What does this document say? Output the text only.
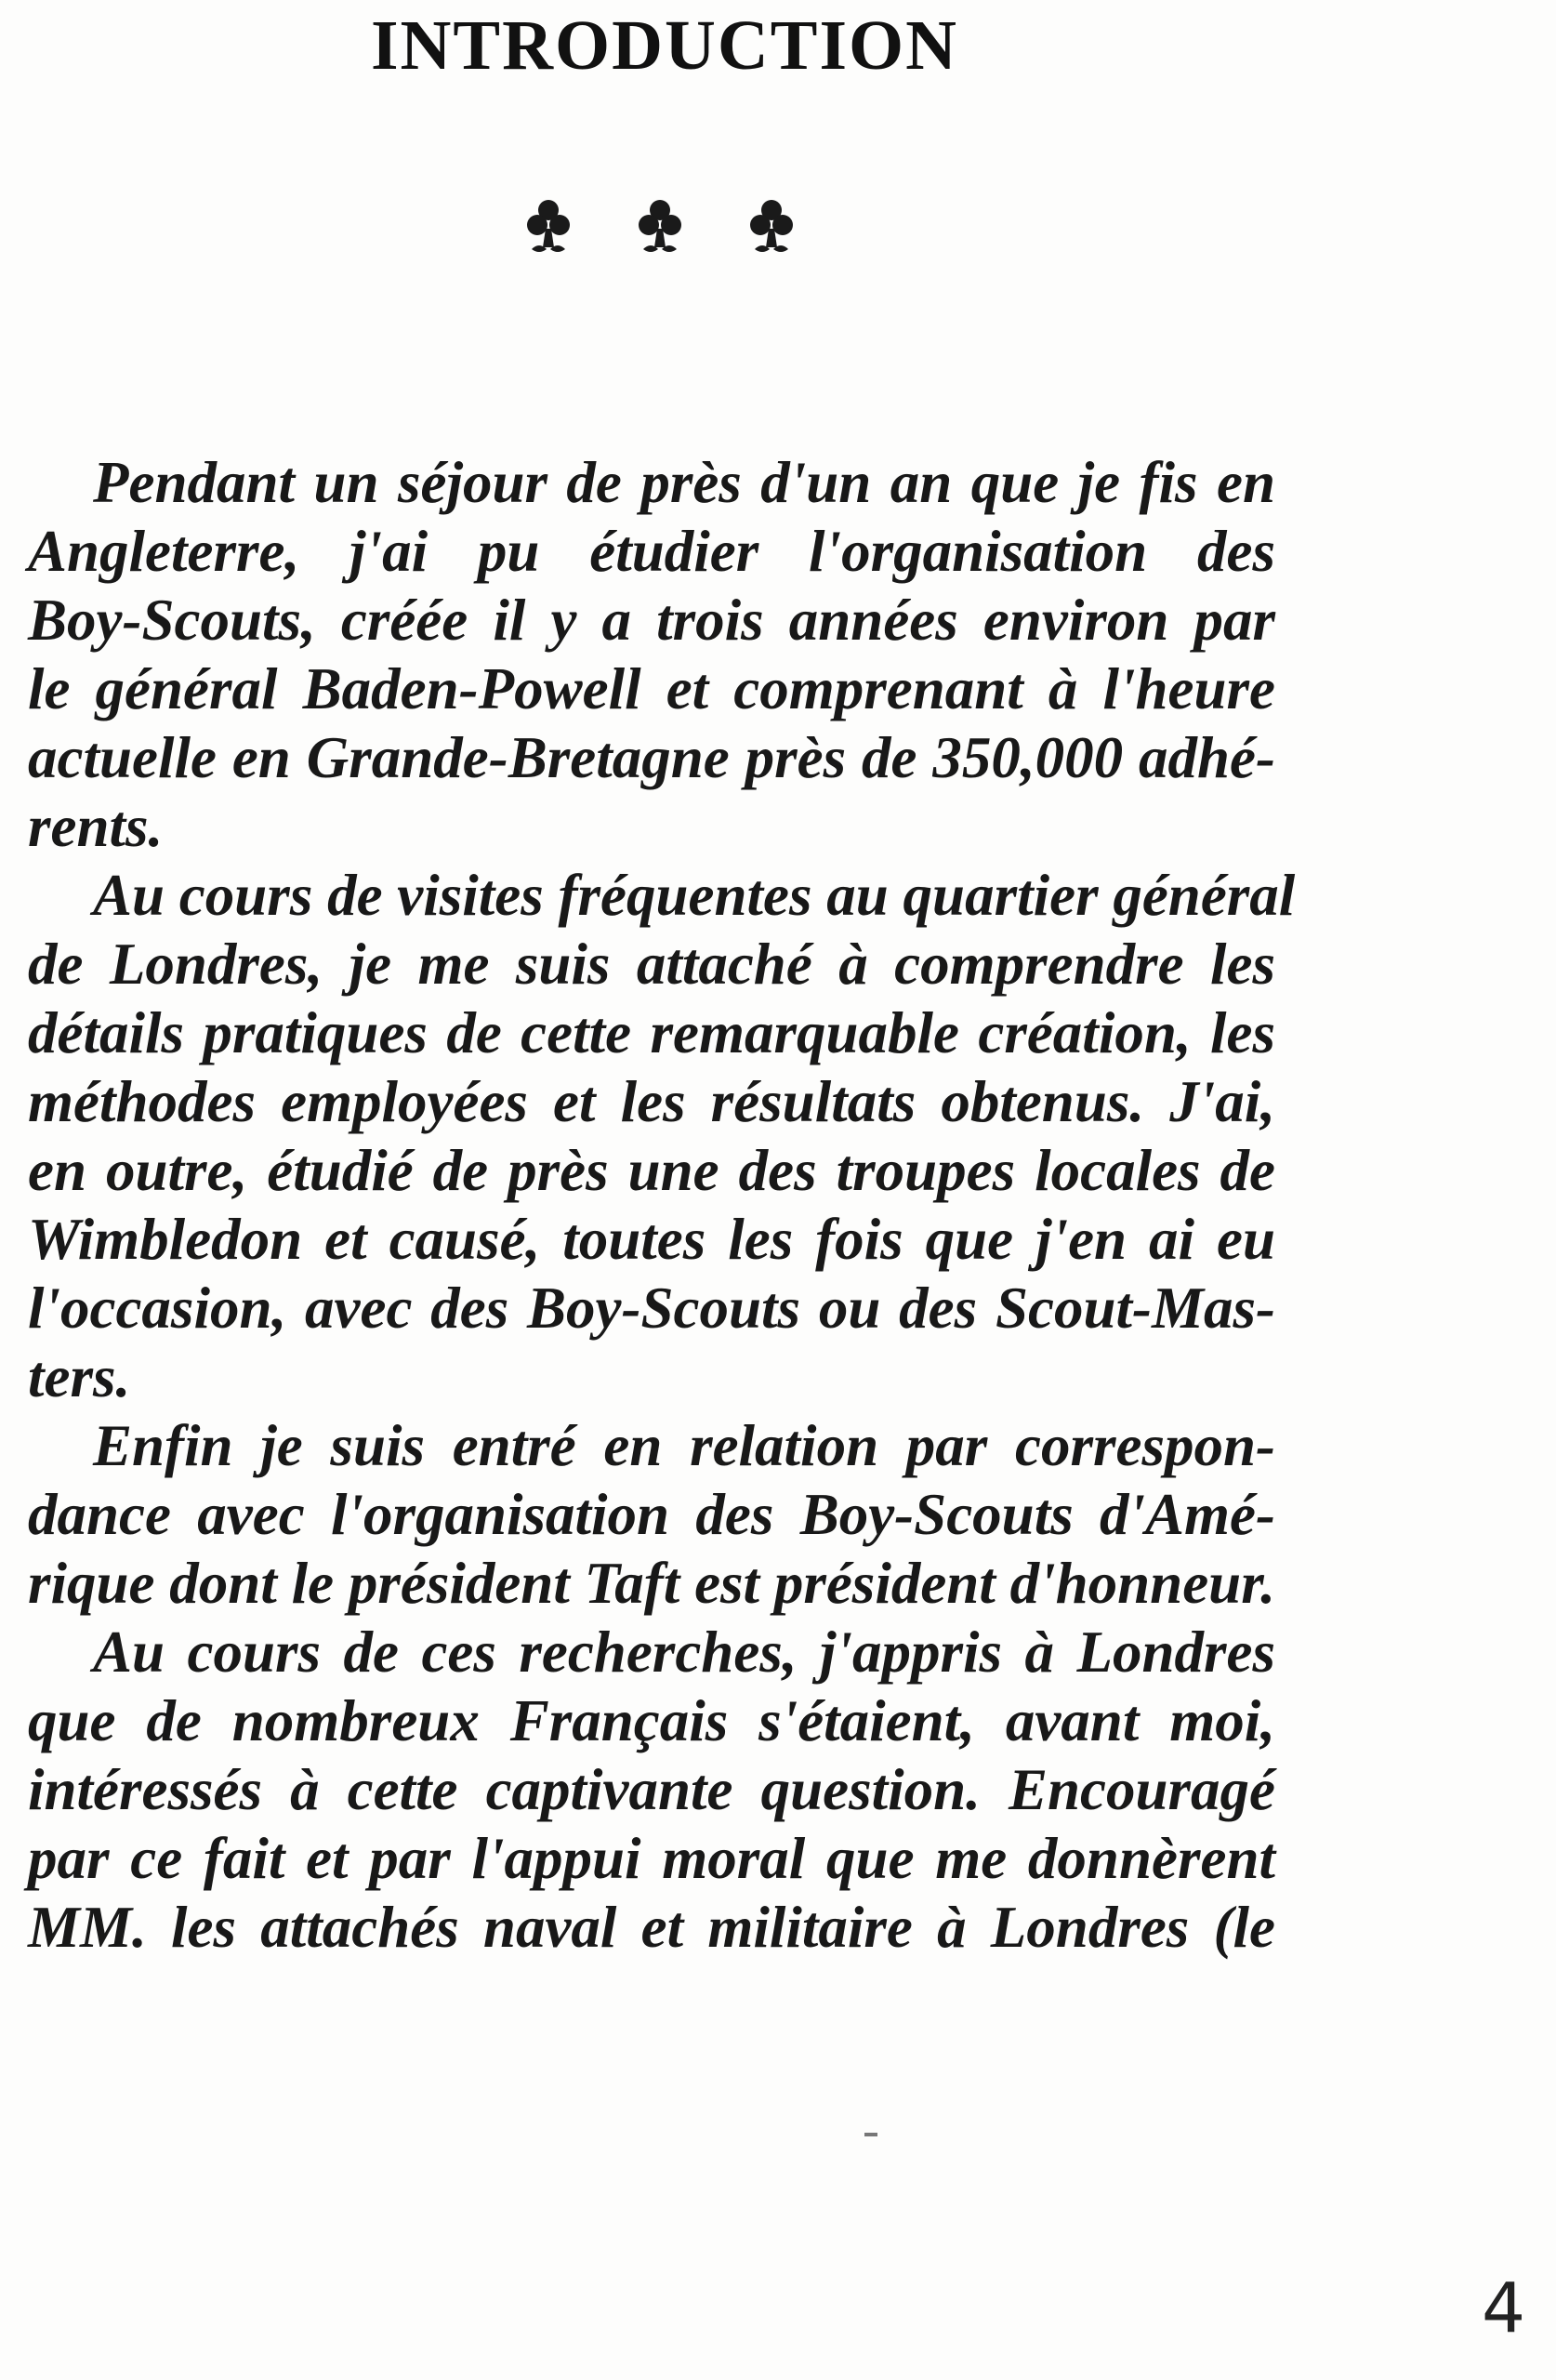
INTRODUCTION
Pendant un séjour de près d'un an que je fis en
Angleterre, j'ai pu étudier l'organisation des
Boy-Scouts, créée il y a trois années environ par
le général Baden-Powell et comprenant à l'heure
actuelle en Grande-Bretagne près de 350,000 adhé-
rents.
Au cours de visites fréquentes au quartier général
de Londres, je me suis attaché à comprendre les
détails pratiques de cette remarquable création, les
méthodes employées et les résultats obtenus. J'ai,
en outre, étudié de près une des troupes locales de
Wimbledon et causé, toutes les fois que j'en ai eu
l'occasion, avec des Boy-Scouts ou des Scout-Mas-
ters.
Enfin je suis entré en relation par correspon-
dance avec l'organisation des Boy-Scouts d'Amé-
rique dont le président Taft est président d'honneur.
Au cours de ces recherches, j'appris à Londres
que de nombreux Français s'étaient, avant moi,
intéressés à cette captivante question. Encouragé
par ce fait et par l'appui moral que me donnèrent
MM. les attachés naval et militaire à Londres (le
4
